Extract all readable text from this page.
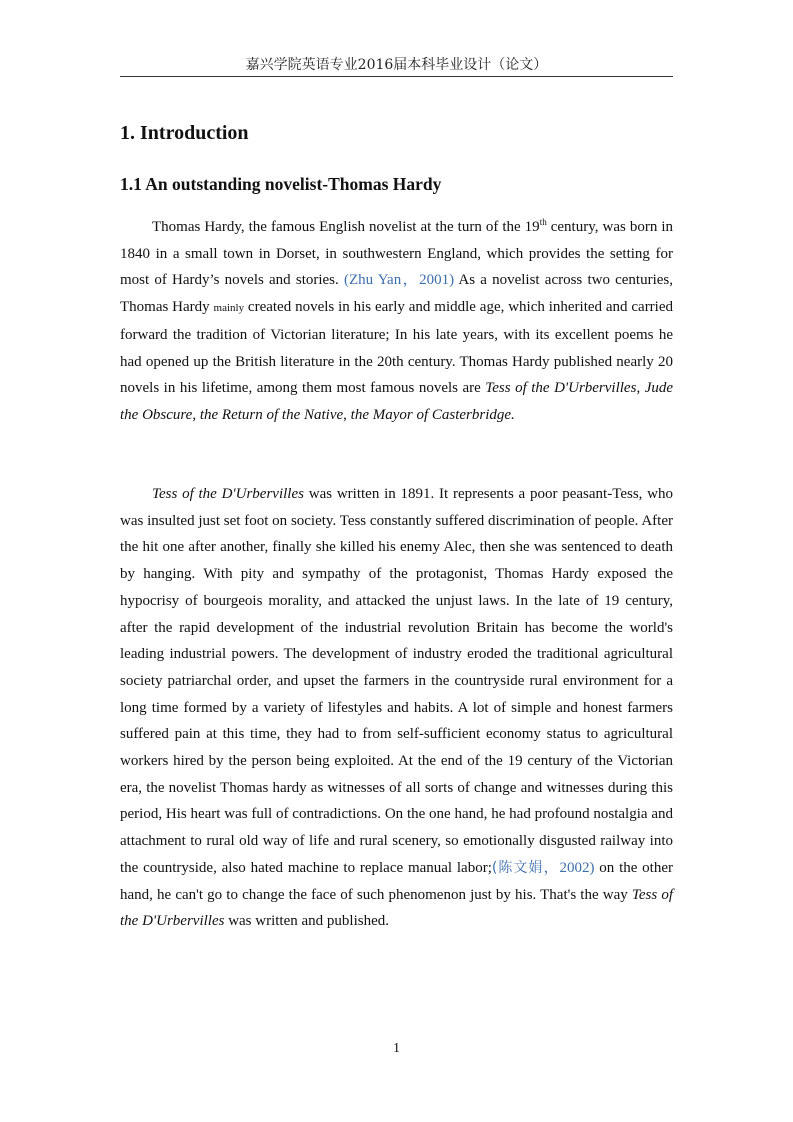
嘉兴学院英语专业2016届本科毕业设计（论文）
1. Introduction
1.1 An outstanding novelist-Thomas Hardy

Thomas Hardy, the famous English novelist at the turn of the 19th century, was born in 1840 in a small town in Dorset, in southwestern England, which provides the setting for most of Hardy’s novels and stories. (Zhu Yan，2001) As a novelist across two centuries, Thomas Hardy mainly created novels in his early and middle age, which inherited and carried forward the tradition of Victorian literature; In his late years, with its excellent poems he had opened up the British literature in the 20th century. Thomas Hardy published nearly 20 novels in his lifetime, among them most famous novels are Tess of the D'Urbervilles, Jude the Obscure, the Return of the Native, the Mayor of Casterbridge.

Tess of the D'Urbervilles was written in 1891. It represents a poor peasant-Tess, who was insulted just set foot on society. Tess constantly suffered discrimination of people. After the hit one after another, finally she killed his enemy Alec, then she was sentenced to death by hanging. With pity and sympathy of the protagonist, Thomas Hardy exposed the hypocrisy of bourgeois morality, and attacked the unjust laws. In the late of 19 century, after the rapid development of the industrial revolution Britain has become the world's leading industrial powers. The development of industry eroded the traditional agricultural society patriarchal order, and upset the farmers in the countryside rural environment for a long time formed by a variety of lifestyles and habits. A lot of simple and honest farmers suffered pain at this time, they had to from self-sufficient economy status to agricultural workers hired by the person being exploited. At the end of the 19 century of the Victorian era, the novelist Thomas hardy as witnesses of all sorts of change and witnesses during this period, His heart was full of contradictions. On the one hand, he had profound nostalgia and attachment to rural old way of life and rural scenery, so emotionally disgusted railway into the countryside, also hated machine to replace manual labor;(陈文娟，2002) on the other hand, he can't go to change the face of such phenomenon just by his. That's the way Tess of the D'Urbervilles was written and published.

1
